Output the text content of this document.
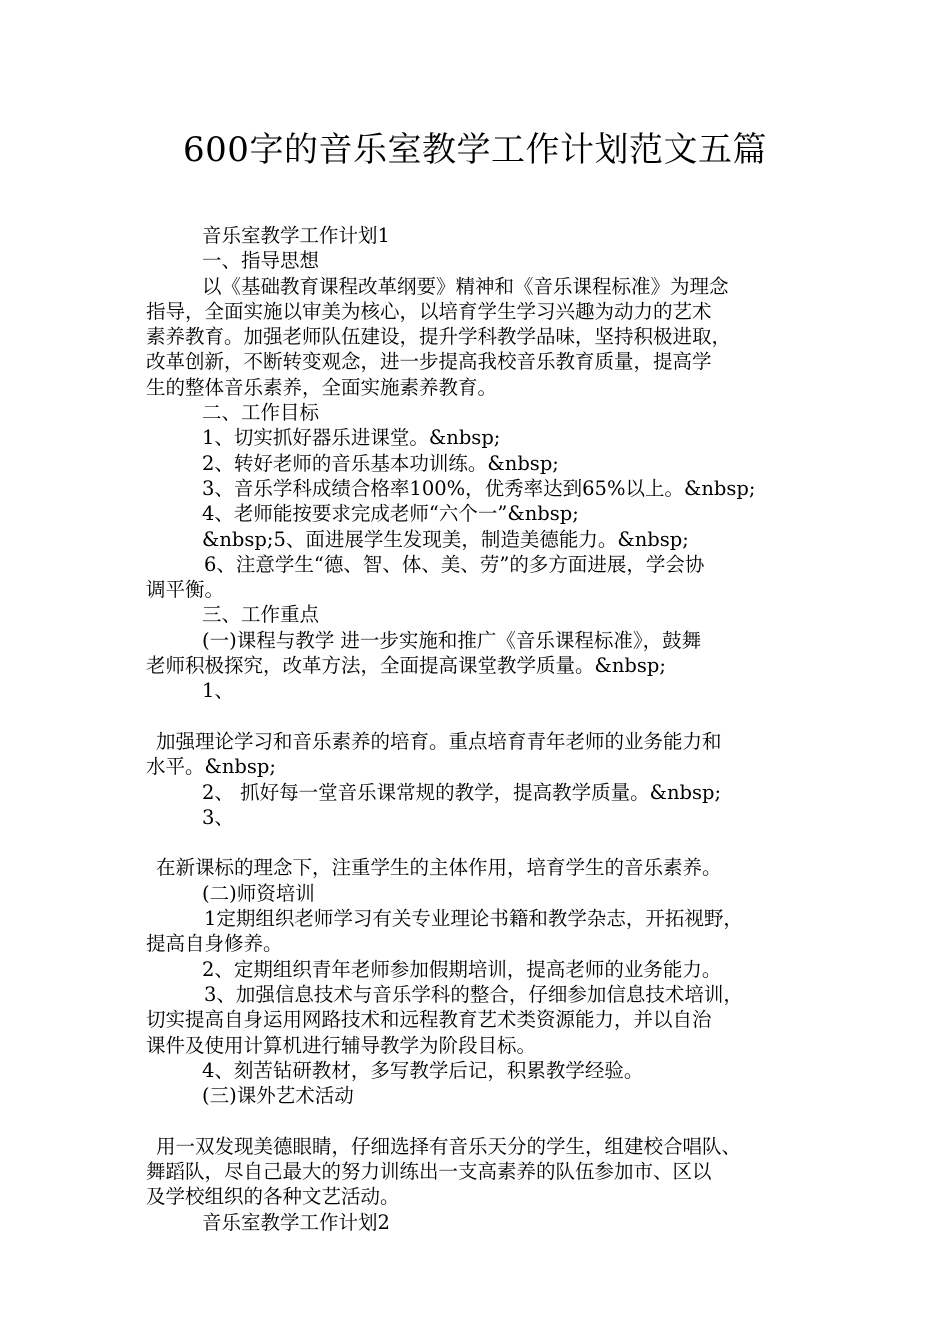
600字的音乐室教学工作计划范文五篇
音乐室教学工作计划1
一、指导思想
以《基础教育课程改革纲要》精神和《音乐课程标准》为理念
指导，全面实施以审美为核心，以培育学生学习兴趣为动力的艺术
素养教育。加强老师队伍建设，提升学科教学品味，坚持积极进取，
改革创新，不断转变观念，进一步提高我校音乐教育质量，提高学
生的整体音乐素养，全面实施素养教育。
二、工作目标
1、切实抓好器乐进课堂。&nbsp;
2、转好老师的音乐基本功训练。&nbsp;
3、音乐学科成绩合格率100%，优秀率达到65%以上。&nbsp;
4、老师能按要求完成老师“六个一”&nbsp;
&nbsp;5、面进展学生发现美，制造美德能力。&nbsp;
6、注意学生“德、智、体、美、劳”的多方面进展，学会协
调平衡。
三、工作重点
(一)课程与教学 进一步实施和推广《音乐课程标准》，鼓舞
老师积极探究，改革方法，全面提高课堂教学质量。&nbsp;
1、
加强理论学习和音乐素养的培育。重点培育青年老师的业务能力和
水平。&nbsp;
2、 抓好每一堂音乐课常规的教学，提高教学质量。&nbsp;
3、
在新课标的理念下，注重学生的主体作用，培育学生的音乐素养。
(二)师资培训
1定期组织老师学习有关专业理论书籍和教学杂志，开拓视野，
提高自身修养。
2、定期组织青年老师参加假期培训，提高老师的业务能力。
3、加强信息技术与音乐学科的整合，仔细参加信息技术培训，
切实提高自身运用网路技术和远程教育艺术类资源能力，并以自治
课件及使用计算机进行辅导教学为阶段目标。
4、刻苦钻研教材，多写教学后记，积累教学经验。
(三)课外艺术活动
用一双发现美德眼睛，仔细选择有音乐天分的学生，组建校合唱队、
舞蹈队，尽自己最大的努力训练出一支高素养的队伍参加市、区以
及学校组织的各种文艺活动。
音乐室教学工作计划2
